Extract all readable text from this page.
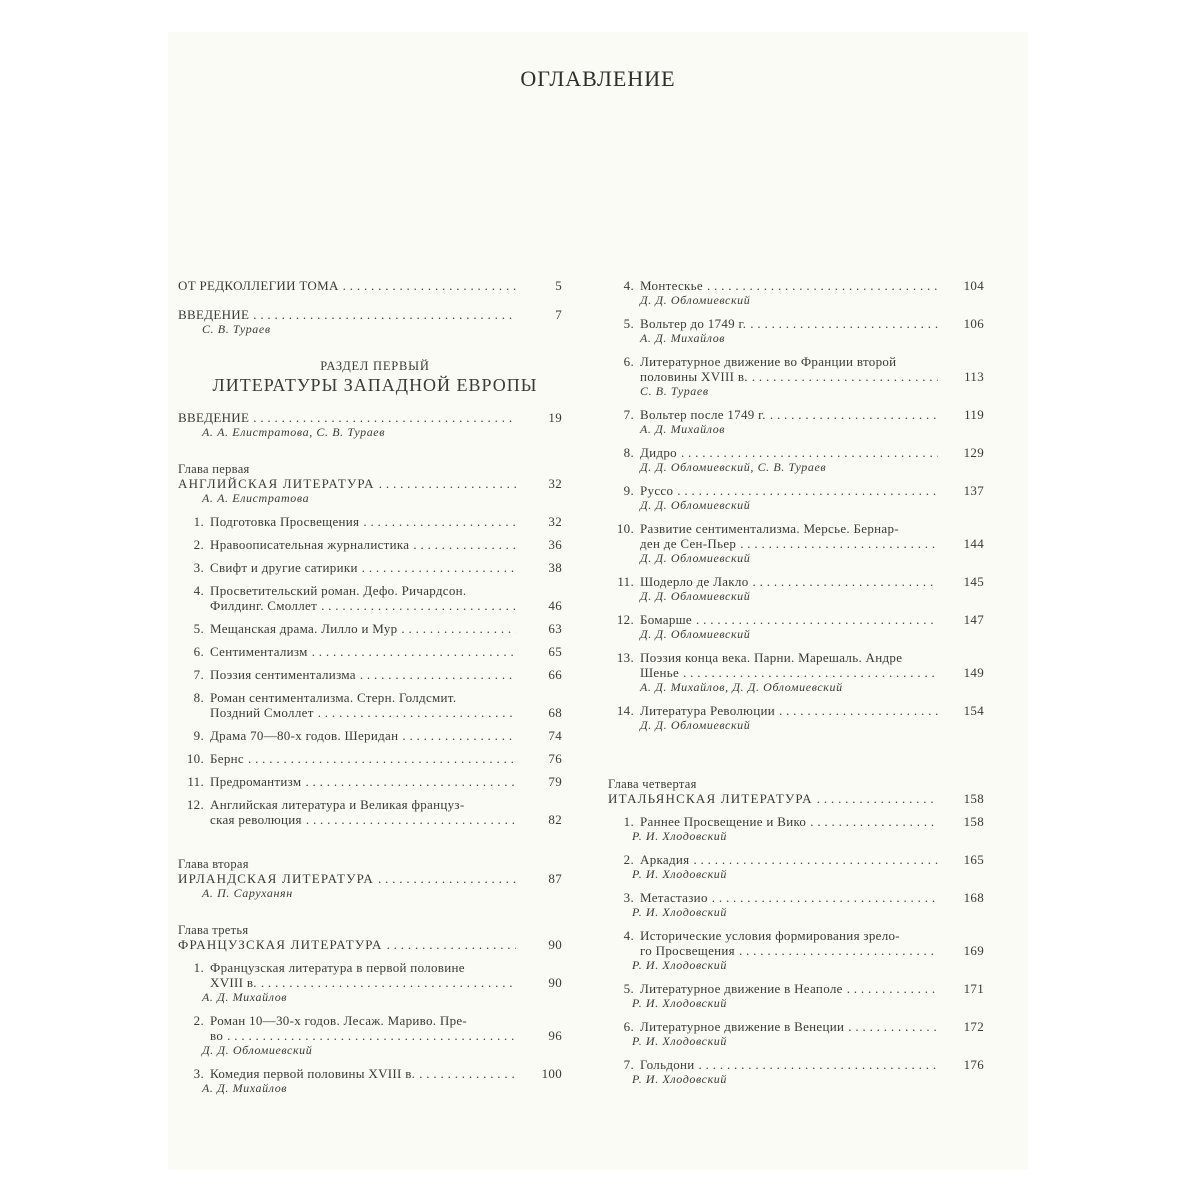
ОГЛАВЛЕНИЕ
ОТ РЕДКОЛЛЕГИИ ТОМА . . .	5
ВВЕДЕНИЕ . . .	7
С. В. Тураев
РАЗДЕЛ ПЕРВЫЙ
ЛИТЕРАТУРЫ ЗАПАДНОЙ ЕВРОПЫ
ВВЕДЕНИЕ . . .	19
А. А. Елистратова, С. В. Тураев
Глава первая
АНГЛИЙСКАЯ ЛИТЕРАТУРА . . .	32
А. А. Елистратова
1. Подготовка Просвещения . . .	32
2. Нравоописательная журналистика . . .	36
3. Свифт и другие сатирики . . .	38
4. Просветительский роман. Дефо. Ричардсон.
Филдинг. Смоллет . . .	46
5. Мещанская драма. Лилло и Мур . . .	63
6. Сентиментализм . . .	65
7. Поэзия сентиментализма . . .	66
8. Роман сентиментализма. Стерн. Голдсмит.
Поздний Смоллет . . .	68
9. Драма 70—80-х годов. Шеридан . . .	74
10. Бернс . . .	76
11. Предромантизм . . .	79
12. Английская литература и Великая француз-
ская революция . . .	82
Глава вторая
ИРЛАНДСКАЯ ЛИТЕРАТУРА . . .	87
А. П. Саруханян
Глава третья
ФРАНЦУЗСКАЯ ЛИТЕРАТУРА . . .	90
1. Французская литература в первой половине
XVIII в. . . .	90
А. Д. Михайлов
2. Роман 10—30-х годов. Лесаж. Мариво. Пре-
во . . .	96
Д. Д. Обломиевский
3. Комедия первой половины XVIII в. . . .	100
А. Д. Михайлов
4. Монтескье . . .	104
Д. Д. Обломиевский
5. Вольтер до 1749 г. . . .	106
А. Д. Михайлов
6. Литературное движение во Франции второй
половины XVIII в. . . .	113
С. В. Тураев
7. Вольтер после 1749 г. . . .	119
А. Д. Михайлов
8. Дидро . . .	129
Д. Д. Обломиевский, С. В. Тураев
9. Руссо . . .	137
Д. Д. Обломиевский
10. Развитие сентиментализма. Мерсье. Бернар-
ден де Сен-Пьер . . .	144
Д. Д. Обломиевский
11. Шодерло де Лакло . . .	145
Д. Д. Обломиевский
12. Бомарше . . .	147
Д. Д. Обломиевский
13. Поэзия конца века. Парни. Марешаль. Андре
Шенье . . .	149
А. Д. Михайлов, Д. Д. Обломиевский
14. Литература Революции . . .	154
Д. Д. Обломиевский
Глава четвертая
ИТАЛЬЯНСКАЯ ЛИТЕРАТУРА . . .	158
1. Раннее Просвещение и Вико . . .	158
Р. И. Хлодовский
2. Аркадия . . .	165
Р. И. Хлодовский
3. Метастазио . . .	168
Р. И. Хлодовский
4. Исторические условия формирования зрело-
го Просвещения . . .	169
Р. И. Хлодовский
5. Литературное движение в Неаполе . . .	171
Р. И. Хлодовский
6. Литературное движение в Венеции . . .	172
Р. И. Хлодовский
7. Гольдони . . .	176
Р. И. Хлодовский
